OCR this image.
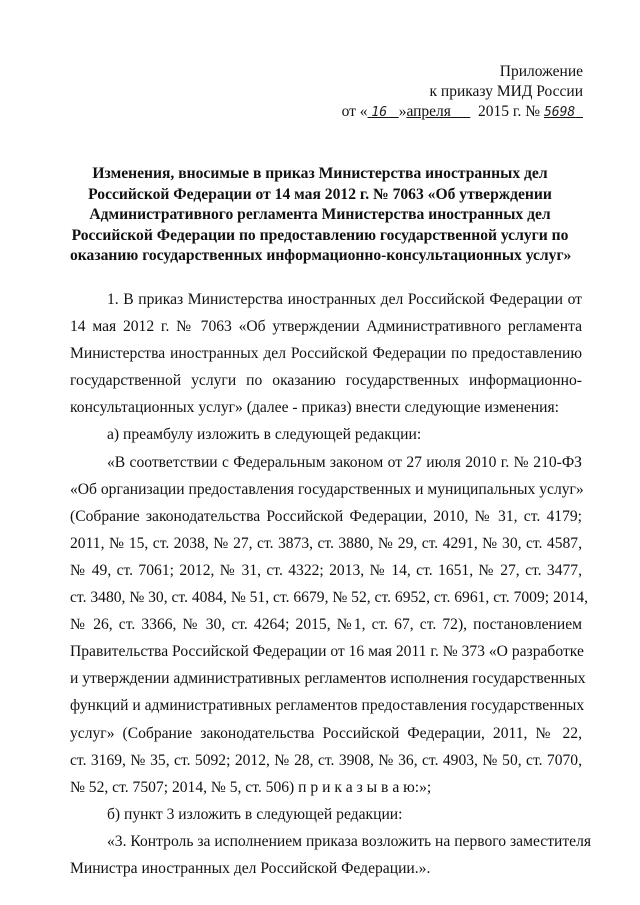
Приложение
к приказу МИД России
от « 16 »апреля 2015 г. № 5698
Изменения, вносимые в приказ Министерства иностранных дел
Российской Федерации от 14 мая 2012 г. № 7063 «Об утверждении
Административного регламента Министерства иностранных дел
Российской Федерации по предоставлению государственной услуги по
оказанию государственных информационно-консультационных услуг»
1. В приказ Министерства иностранных дел Российской Федерации от
14 мая 2012 г. № 7063 «Об утверждении Административного регламента
Министерства иностранных дел Российской Федерации по предоставлению
государственной услуги по оказанию государственных информационно-
консультационных услуг» (далее - приказ) внести следующие изменения:
а) преамбулу изложить в следующей редакции:
«В соответствии с Федеральным законом от 27 июля 2010 г. № 210-ФЗ
«Об организации предоставления государственных и муниципальных услуг»
(Собрание законодательства Российской Федерации, 2010, № 31, ст. 4179;
2011, № 15, ст. 2038, № 27, ст. 3873, ст. 3880, № 29, ст. 4291, № 30, ст. 4587,
№ 49, ст. 7061; 2012, № 31, ст. 4322; 2013, № 14, ст. 1651, № 27, ст. 3477,
ст. 3480, № 30, ст. 4084, № 51, ст. 6679, № 52, ст. 6952, ст. 6961, ст. 7009; 2014,
№ 26, ст. 3366, № 30, ст. 4264; 2015, №1, ст. 67, ст. 72), постановлением
Правительства Российской Федерации от 16 мая 2011 г. № 373 «О разработке
и утверждении административных регламентов исполнения государственных
функций и административных регламентов предоставления государственных
услуг» (Собрание законодательства Российской Федерации, 2011, № 22,
ст. 3169, № 35, ст. 5092; 2012, № 28, ст. 3908, № 36, ст. 4903, № 50, ст. 7070,
№ 52, ст. 7507; 2014, № 5, ст. 506) п р и к а з ы в а ю:»;
б) пункт 3 изложить в следующей редакции:
«3. Контроль за исполнением приказа возложить на первого заместителя
Министра иностранных дел Российской Федерации.».
